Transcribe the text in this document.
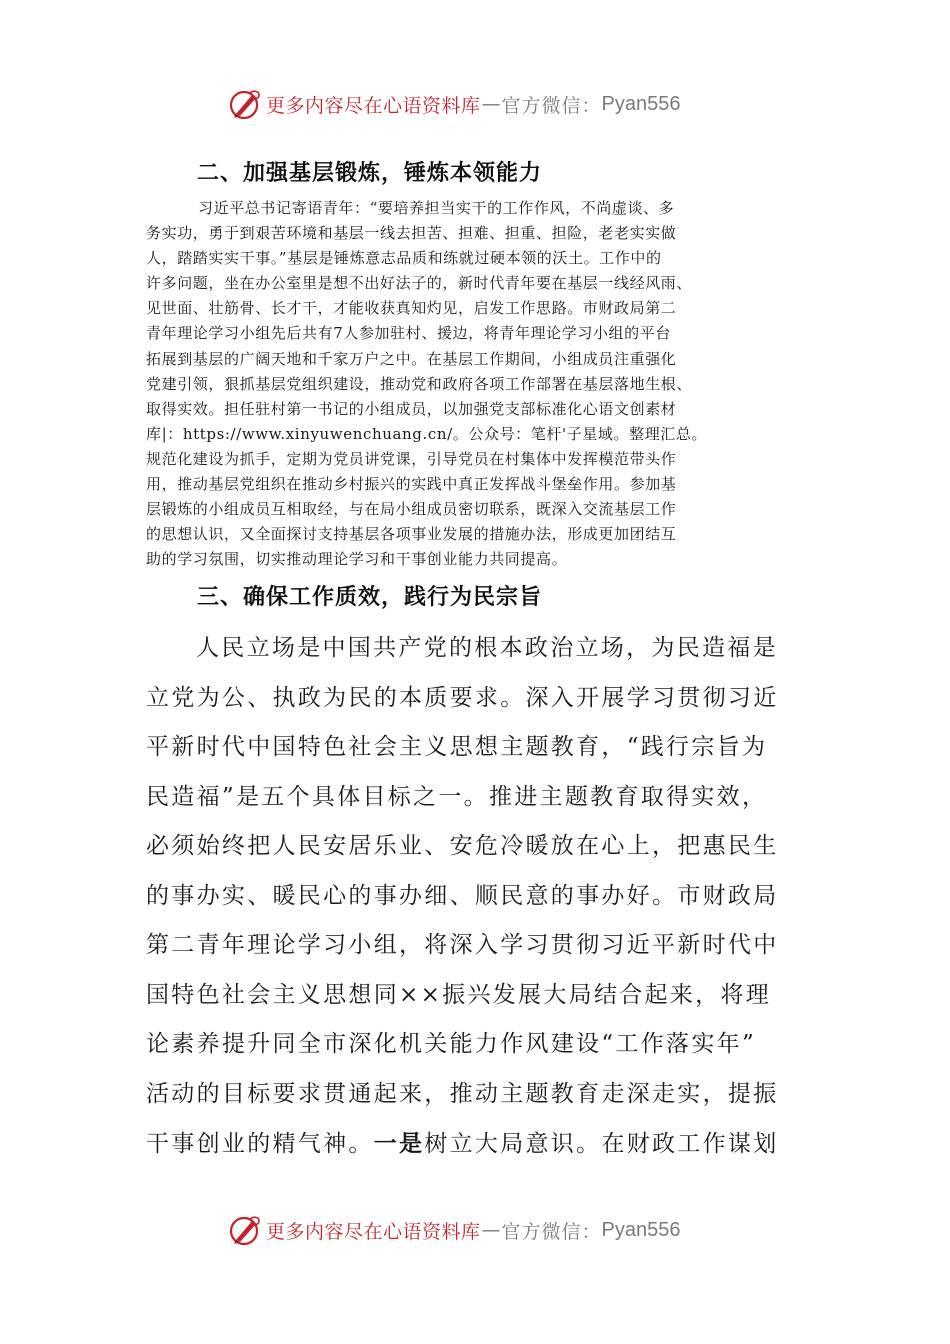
更多内容尽在心语资料库 — 官方微信： Pyan556
二、加强基层锻炼，锤炼本领能力
习近平总书记寄语青年：“要培养担当实干的工作作风，不尚虚谈、多
务实功，勇于到艰苦环境和基层一线去担苦、担难、担重、担险，老老实实做
人，踏踏实实干事。”基层是锤炼意志品质和练就过硬本领的沃土。工作中的
许多问题，坐在办公室里是想不出好法子的，新时代青年要在基层一线经风雨、
见世面、壮筋骨、长才干，才能收获真知灼见，启发工作思路。市财政局第二
青年理论学习小组先后共有7人参加驻村、援边，将青年理论学习小组的平台
拓展到基层的广阔天地和千家万户之中。在基层工作期间，小组成员注重强化
党建引领，狠抓基层党组织建设，推动党和政府各项工作部署在基层落地生根、
取得实效。担任驻村第一书记的小组成员，以加强党支部标准化心语文创素材
库|：https://www.xinyuwenchuang.cn/。公众号：笔杆'子星域。整理汇总。
规范化建设为抓手，定期为党员讲党课，引导党员在村集体中发挥模范带头作
用，推动基层党组织在推动乡村振兴的实践中真正发挥战斗堡垒作用。参加基
层锻炼的小组成员互相取经，与在局小组成员密切联系，既深入交流基层工作
的思想认识，又全面探讨支持基层各项事业发展的措施办法，形成更加团结互
助的学习氛围，切实推动理论学习和干事创业能力共同提高。
三、确保工作质效，践行为民宗旨
人民立场是中国共产党的根本政治立场，为民造福是
立党为公、执政为民的本质要求。深入开展学习贯彻习近
平新时代中国特色社会主义思想主题教育，“践行宗旨为
民造福”是五个具体目标之一。推进主题教育取得实效，
必须始终把人民安居乐业、安危冷暖放在心上，把惠民生
的事办实、暖民心的事办细、顺民意的事办好。市财政局
第二青年理论学习小组，将深入学习贯彻习近平新时代中
国特色社会主义思想同××振兴发展大局结合起来，将理
论素养提升同全市深化机关能力作风建设“工作落实年”
活动的目标要求贯通起来，推动主题教育走深走实，提振
干事创业的精气神。一是树立大局意识。在财政工作谋划
更多内容尽在心语资料库 — 官方微信： Pyan556
